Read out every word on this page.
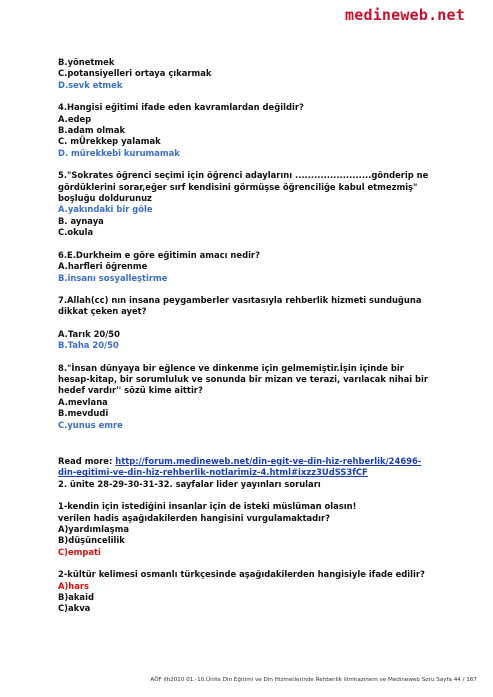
medineweb.net
B.yönetmek
C.potansiyelleri ortaya çıkarmak
D.sevk etmek
4.Hangisi eğitimi ifade eden kavramlardan değildir?
A.edep
B.adam olmak
C. mÜrekkep yalamak
D. mürekkebi kurumamak
5."Sokrates öğrenci seçimi için öğrenci adaylarını ........................gönderip ne
gördüklerini sorar,eğer sırf kendisini görmüşse öğrenciliğe kabul etmezmiş"
boşluğu doldurunuz
A.yakındaki bir göle
B. aynaya
C.okula
6.E.Durkheim e göre eğitimin amacı nedir?
A.harfleri öğrenme
B.insanı sosyalleştirme
7.Allah(cc) nın insana peygamberler vasıtasıyla rehberlik hizmeti sunduğuna
dikkat çeken ayet?
A.Tarık 20/50
B.Taha 20/50
8."İnsan dünyaya bir eğlence ve dinkenme için gelmemiştir.İşin içinde bir
hesap-kitap, bir sorumluluk ve sonunda bir mizan ve terazi, varılacak nihai bir
hedef vardır'' sözü kime aittir?
A.mevlana
B.mevdudi
C.yunus emre
Read more: http://forum.medineweb.net/din-egit-ve-din-hiz-rehberlik/24696-
din-egitimi-ve-din-hiz-rehberlik-notlarimiz-4.html#ixzz3UdSS3fCF
2. ünite 28-29-30-31-32. sayfalar lider yayınları soruları
1-kendin için istediğini insanlar için de isteki müslüman olasın!
verilen hadis aşağıdakilerden hangisini vurgulamaktadır?
A)yardımlaşma
B)düşüncelilik
C)empati
2-kültür kelimesi osmanlı türkçesinde aşağıdakilerden hangisiyle ifade edilir?
A)hars
B)akaid
C)akva
AÖF ilh2010 01.-10.Ünite Din Eğitimi ve Din Hizmetlerinde Rehberlik ilimhazinem ve Medineweb Soru Sayfa 44 / 167
